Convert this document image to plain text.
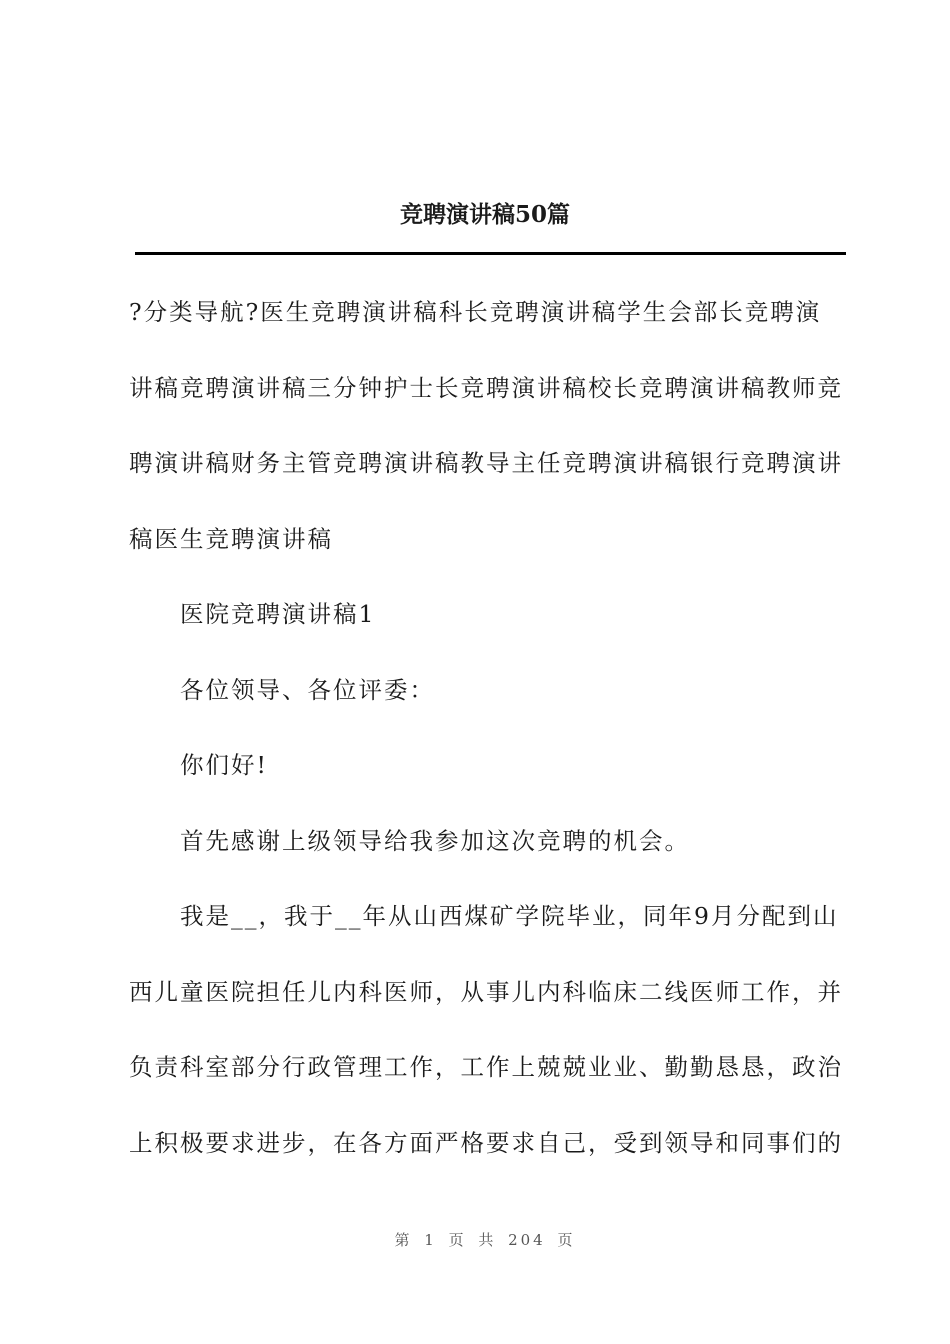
竞聘演讲稿50篇

?分类导航?医生竞聘演讲稿科长竞聘演讲稿学生会部长竞聘演讲稿竞聘演讲稿三分钟护士长竞聘演讲稿校长竞聘演讲稿教师竞聘演讲稿财务主管竞聘演讲稿教导主任竞聘演讲稿银行竞聘演讲稿医生竞聘演讲稿

医院竞聘演讲稿1

各位领导、各位评委：

你们好!

首先感谢上级领导给我参加这次竞聘的机会。

我是__，我于__年从山西煤矿学院毕业，同年9月分配到山西儿童医院担任儿内科医师，从事儿内科临床二线医师工作，并负责科室部分行政管理工作，工作上兢兢业业、勤勤恳恳，政治上积极要求进步，在各方面严格要求自己，受到领导和同事们的

第 1 页 共 204 页
